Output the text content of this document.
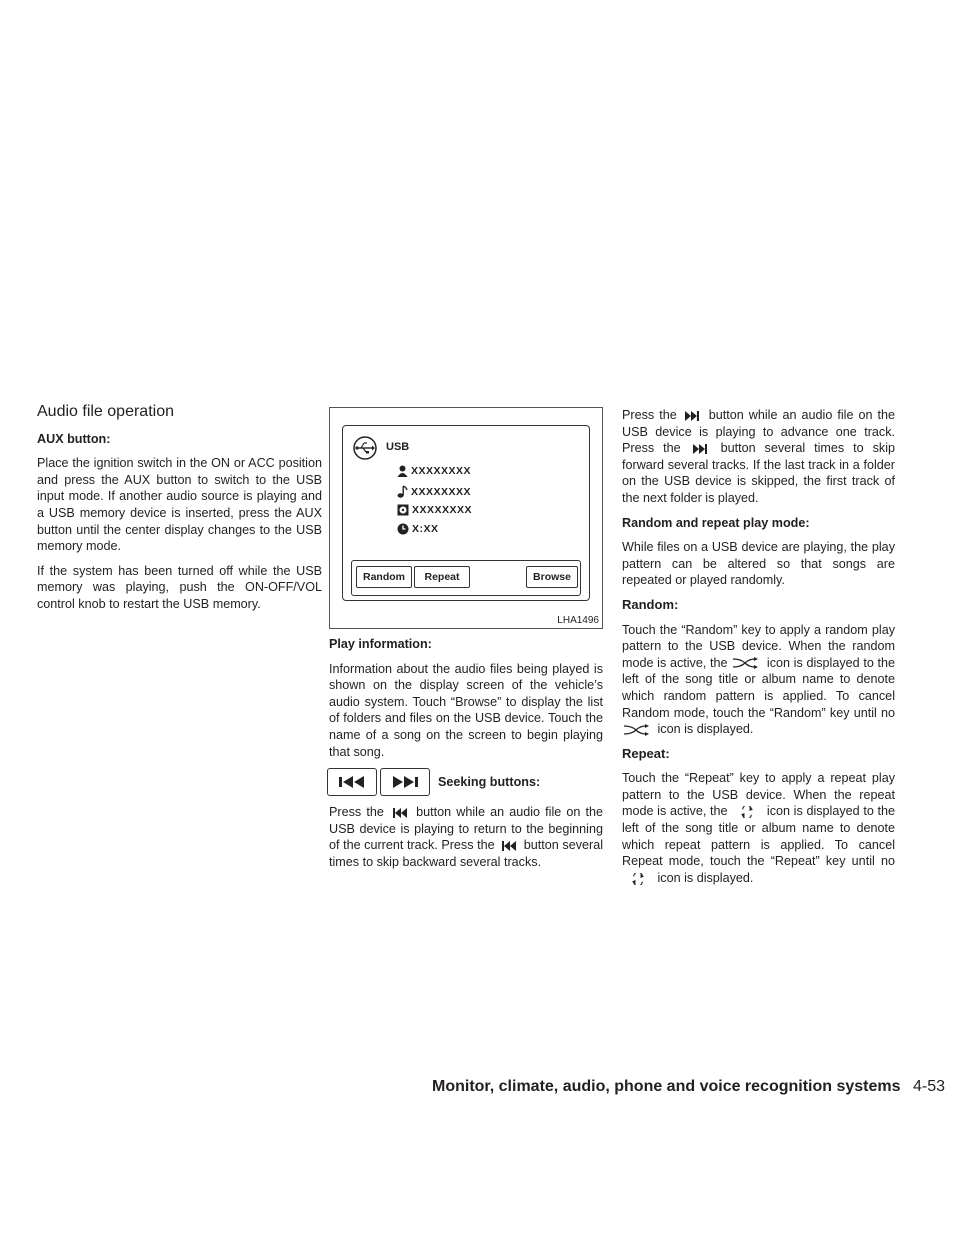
Audio file operation

AUX button:

Place the ignition switch in the ON or ACC position and press the AUX button to switch to the USB input mode. If another audio source is playing and a USB memory device is inserted, press the AUX button until the center display changes to the USB memory mode.

If the system has been turned off while the USB memory was playing, push the ON-OFF/VOL control knob to restart the USB memory.

USB
XXXXXXXX
XXXXXXXX
XXXXXXXX
X:XX
Random	Repeat	Browse
LHA1496

Play information:

Information about the audio files being played is shown on the display screen of the vehicle’s audio system. Touch “Browse” to display the list of folders and files on the USB device. Touch the name of a song on the screen to begin playing that song.

Seeking buttons:

Press the	button while an audio file on the USB device is playing to return to the beginning of the current track. Press the button several times to skip backward several tracks.

Press the	button while an audio file on the USB device is playing to advance one track. Press the	button several times to skip forward several tracks. If the last track in a folder on the USB device is skipped, the first track of the next folder is played.

Random and repeat play mode:

While files on a USB device are playing, the play pattern can be altered so that songs are repeated or played randomly.

Random:

Touch the “Random” key to apply a random play pattern to the USB device. When the random mode is active, the	icon is displayed to the left of the song title or album name to denote which random pattern is applied. To cancel Random mode, touch the “Random” key until no  icon is displayed.

Repeat:

Touch the “Repeat” key to apply a repeat play pattern to the USB device. When the repeat mode is active, the	icon is displayed to the left of the song title or album name to denote which repeat pattern is applied. To cancel Repeat mode, touch the “Repeat” key until no  icon is displayed.

Monitor, climate, audio, phone and voice recognition systems 4-53
